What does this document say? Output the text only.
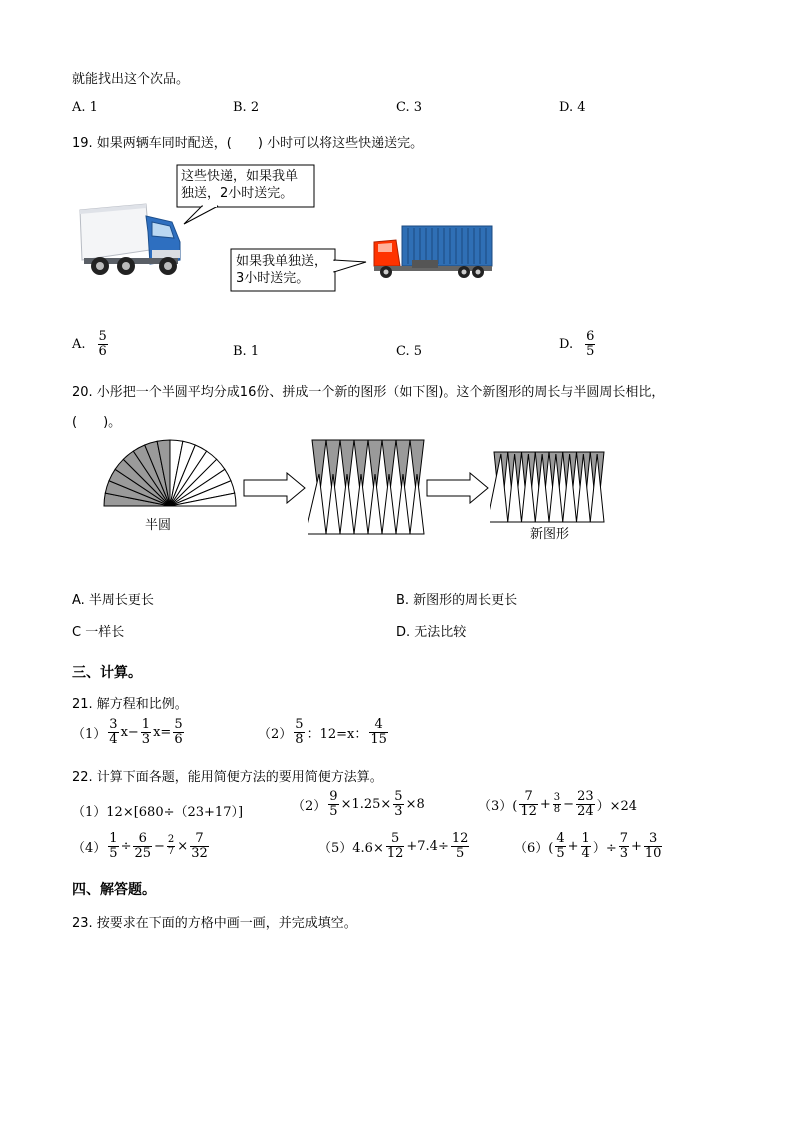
就能找出这个次品。
A. 1	B. 2	C. 3	D. 4
19. 如果两辆车同时配送，(　　) 小时可以将这些快递送完。
这些快递，如果我单
独送，2小时送完。
如果我单独送，
3小时送完。
A. $\frac{5}{6}$	B. 1	C. 5	D. $\frac{6}{5}$
20. 小彤把一个半圆平均分成16份、拼成一个新的图形（如下图)。这个新图形的周长与半圆周长相比，
(　　)。
半圆
新图形
A. 半周长更长	B. 新图形的周长更长
C 一样长	D. 无法比较
三、计算。
21. 解方程和比例。
$(1) \frac{3}{4} x- \frac{1}{3} x= \frac{5}{6}$	$(2) \frac{5}{8}$ ：12=x： $\frac{4}{15}$
22. 计算下面各题，能用简便方法的要用简便方法算。
（1）12×[680÷（23+17）]	$(2) \frac{9}{5} \times 1.25\times \frac{5}{3} \times 8$	$(3)( \frac{7}{12} + \frac{3}{8} - \frac{23}{24} )\times 24$
$(4) \frac{1}{5} \div \frac{6}{25} - \frac{2}{7} \times \frac{7}{32}$	$(5)4.6\times \frac{5}{12} +7.4\div \frac{12}{5}$	$(6)( \frac{4}{5} + \frac{1}{4}$ ）÷ $\frac{7}{3} + \frac{3}{10}$
四、解答题。
23. 按要求在下面的方格中画一画，并完成填空。
